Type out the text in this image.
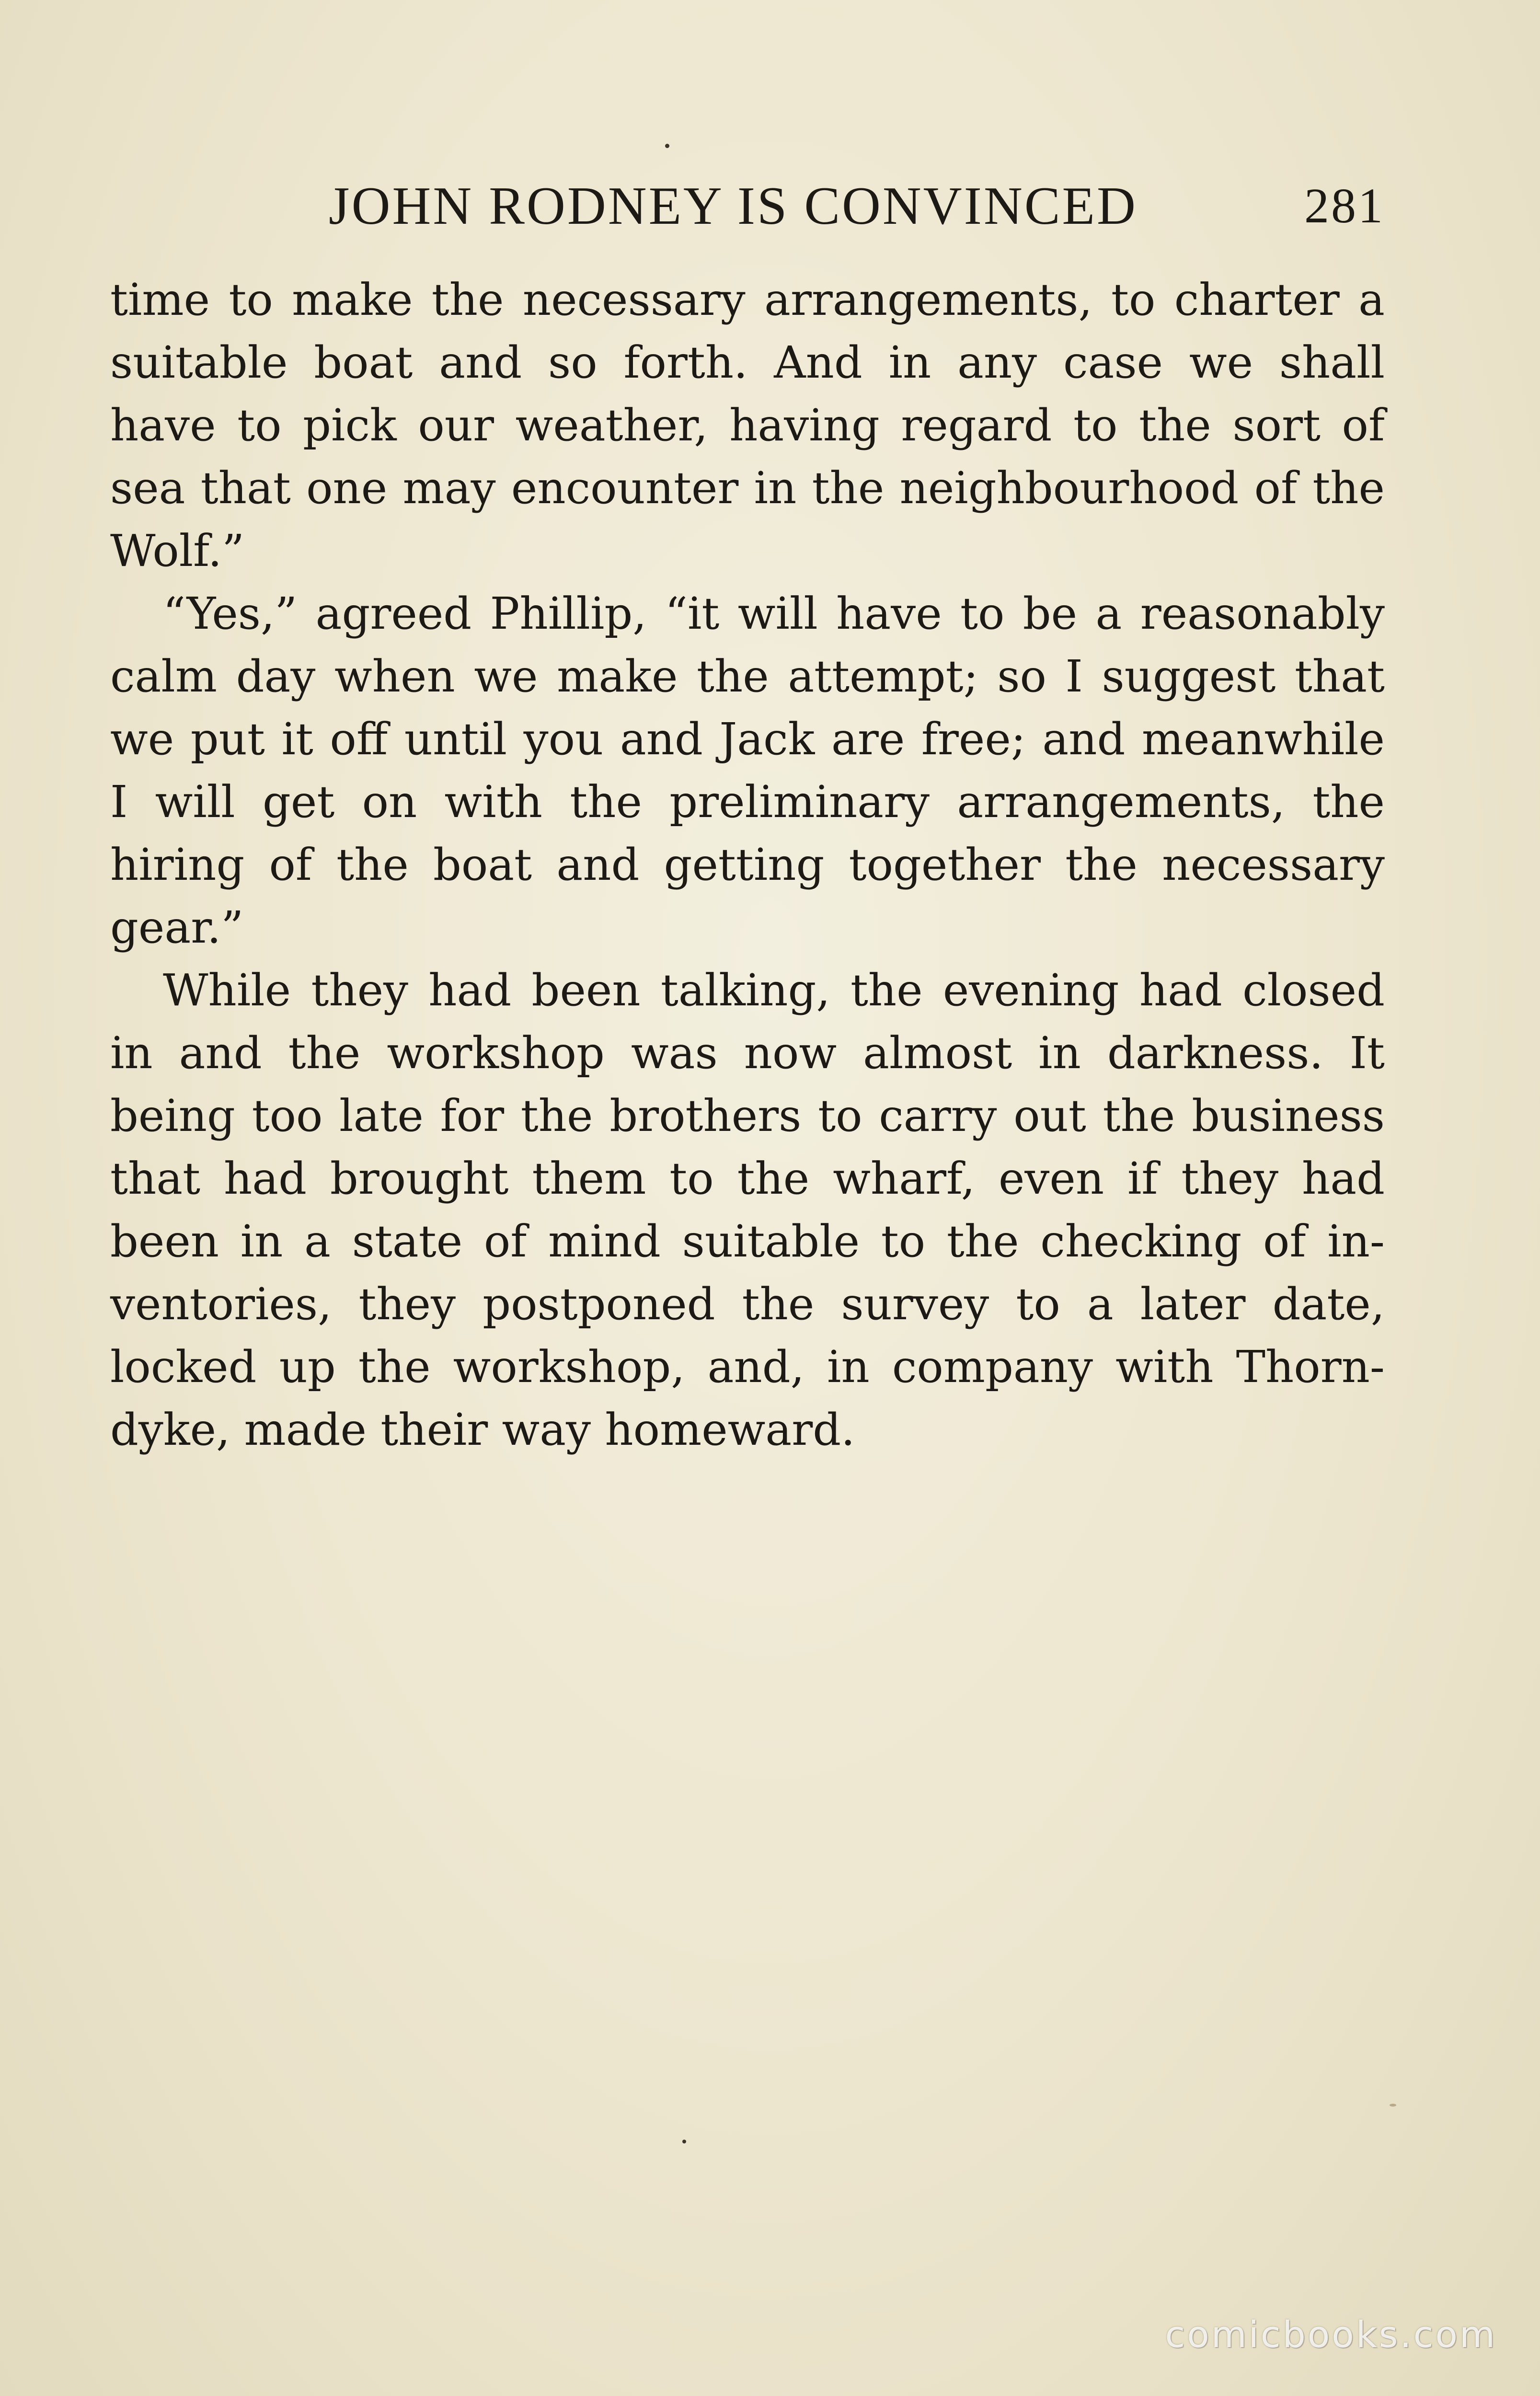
JOHN RODNEY IS CONVINCED	281
time to make the necessary arrangements, to charter a
suitable boat and so forth. And in any case we shall
have to pick our weather, having regard to the sort of
sea that one may encounter in the neighbourhood of the
Wolf.”
“Yes,” agreed Phillip, “it will have to be a reasonably
calm day when we make the attempt; so I suggest that
we put it off until you and Jack are free; and meanwhile
I will get on with the preliminary arrangements, the
hiring of the boat and getting together the necessary
gear.”
While they had been talking, the evening had closed
in and the workshop was now almost in darkness. It
being too late for the brothers to carry out the business
that had brought them to the wharf, even if they had
been in a state of mind suitable to the checking of in-
ventories, they postponed the survey to a later date,
locked up the workshop, and, in company with Thorn-
dyke, made their way homeward.
comicbooks.com
